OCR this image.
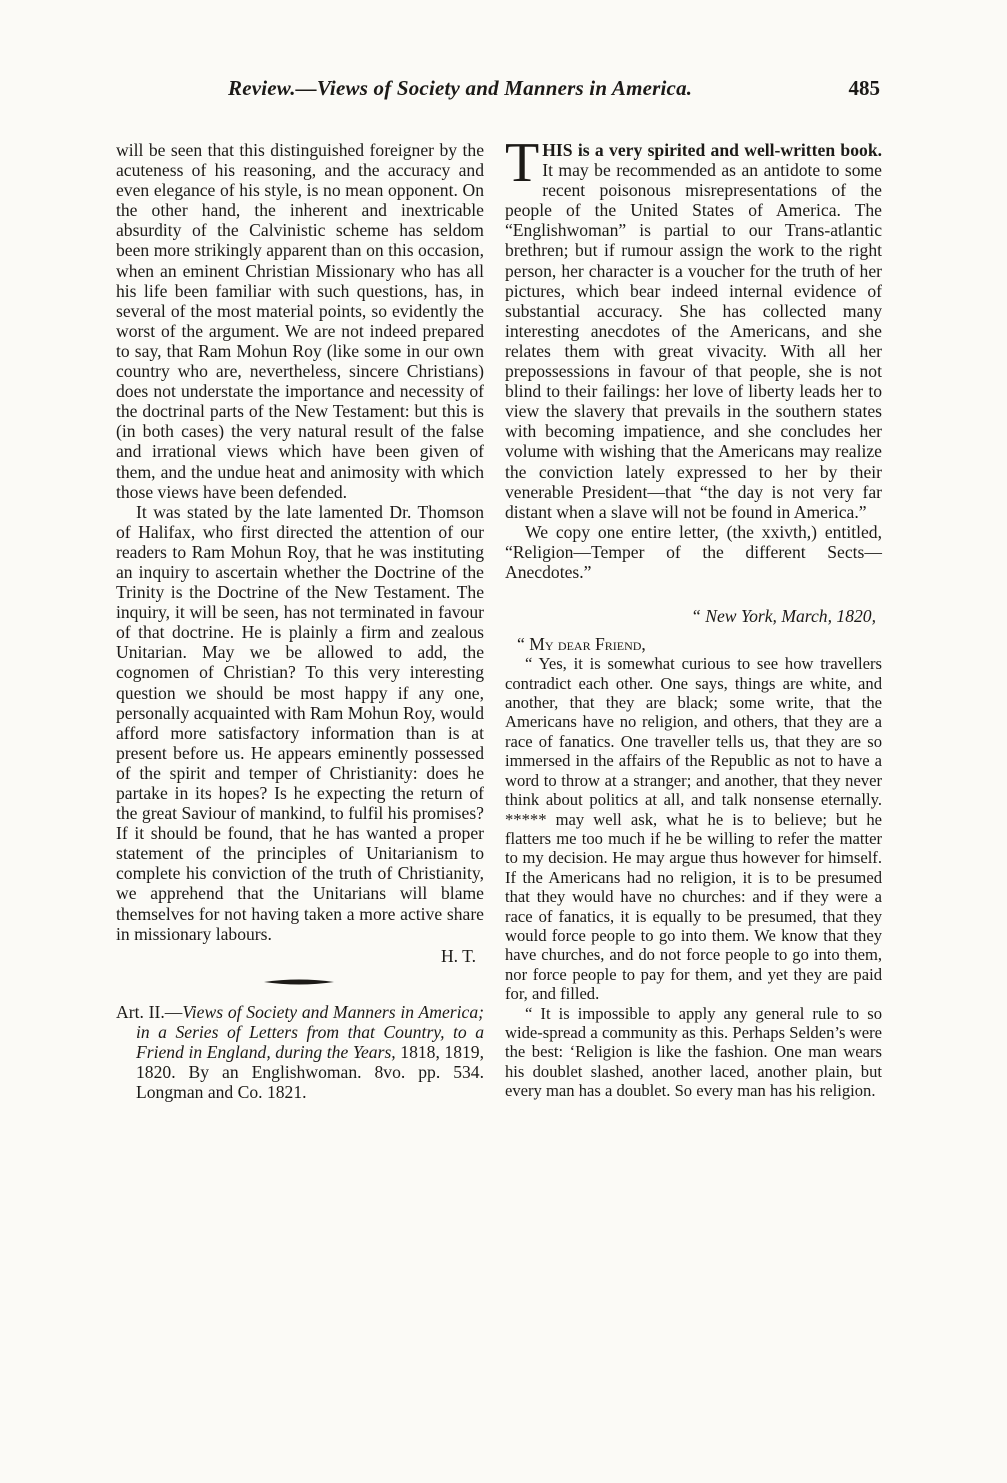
Review.—Views of Society and Manners in America.	485

will be seen that this distinguished foreigner by the acuteness of his reasoning, and the accuracy and even elegance of his style, is no mean opponent. On the other hand, the inherent and inextricable absurdity of the Calvinistic scheme has seldom been more strikingly apparent than on this occasion, when an eminent Christian Missionary who has all his life been familiar with such questions, has, in several of the most material points, so evidently the worst of the argument. We are not indeed prepared to say, that Ram Mohun Roy (like some in our own country who are, nevertheless, sincere Christians) does not understate the importance and necessity of the doctrinal parts of the New Testament: but this is (in both cases) the very natural result of the false and irrational views which have been given of them, and the undue heat and animosity with which those views have been defended.

It was stated by the late lamented Dr. Thomson of Halifax, who first directed the attention of our readers to Ram Mohun Roy, that he was instituting an inquiry to ascertain whether the Doctrine of the Trinity is the Doctrine of the New Testament. The inquiry, it will be seen, has not terminated in favour of that doctrine. He is plainly a firm and zealous Unitarian. May we be allowed to add, the cognomen of Christian? To this very interesting question we should be most happy if any one, personally acquainted with Ram Mohun Roy, would afford more satisfactory information than is at present before us. He appears eminently possessed of the spirit and temper of Christianity: does he partake in its hopes? Is he expecting the return of the great Saviour of mankind, to fulfil his promises? If it should be found, that he has wanted a proper statement of the principles of Unitarianism to complete his conviction of the truth of Christianity, we apprehend that the Unitarians will blame themselves for not having taken a more active share in missionary labours.

H. T.

Art. II.—Views of Society and Manners in America; in a Series of Letters from that Country, to a Friend in England, during the Years, 1818, 1819, 1820. By an Englishwoman. 8vo. pp. 534. Longman and Co. 1821.

THIS is a very spirited and well-written book. It may be recommended as an antidote to some recent poisonous misrepresentations of the people of the United States of America. The “Englishwoman” is partial to our Trans-atlantic brethren; but if rumour assign the work to the right person, her character is a voucher for the truth of her pictures, which bear indeed internal evidence of substantial accuracy. She has collected many interesting anecdotes of the Americans, and she relates them with great vivacity. With all her prepossessions in favour of that people, she is not blind to their failings: her love of liberty leads her to view the slavery that prevails in the southern states with becoming impatience, and she concludes her volume with wishing that the Americans may realize the conviction lately expressed to her by their venerable President—that “the day is not very far distant when a slave will not be found in America.”

We copy one entire letter, (the xxivth,) entitled, “Religion—Temper of the different Sects—Anecdotes.”

“ New York, March, 1820,

“ My dear Friend,

“ Yes, it is somewhat curious to see how travellers contradict each other. One says, things are white, and another, that they are black; some write, that the Americans have no religion, and others, that they are a race of fanatics. One traveller tells us, that they are so immersed in the affairs of the Republic as not to have a word to throw at a stranger; and another, that they never think about politics at all, and talk nonsense eternally. ***** may well ask, what he is to believe; but he flatters me too much if he be willing to refer the matter to my decision. He may argue thus however for himself. If the Americans had no religion, it is to be presumed that they would have no churches: and if they were a race of fanatics, it is equally to be presumed, that they would force people to go into them. We know that they have churches, and do not force people to go into them, nor force people to pay for them, and yet they are paid for, and filled.

“ It is impossible to apply any general rule to so wide-spread a community as this. Perhaps Selden’s were the best: ‘Religion is like the fashion. One man wears his doublet slashed, another laced, another plain, but every man has a doublet. So every man has his religion.
